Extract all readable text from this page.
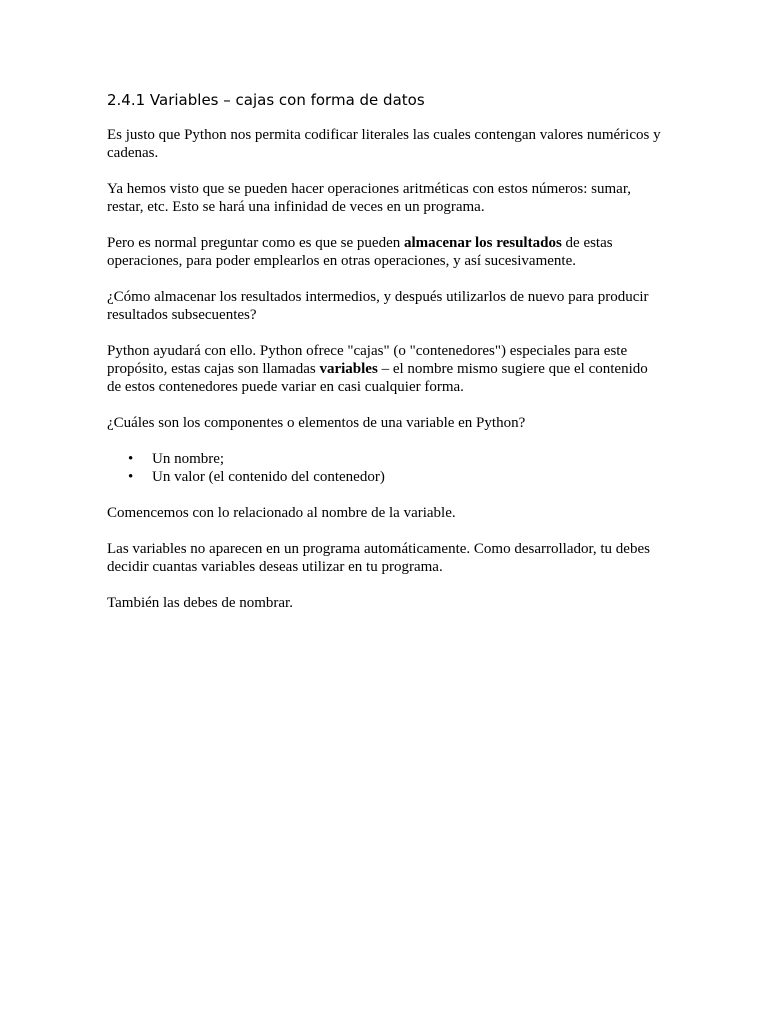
2.4.1 Variables – cajas con forma de datos

Es justo que Python nos permita codificar literales las cuales contengan valores numéricos y cadenas.

Ya hemos visto que se pueden hacer operaciones aritméticas con estos números: sumar, restar, etc. Esto se hará una infinidad de veces en un programa.

Pero es normal preguntar como es que se pueden almacenar los resultados de estas operaciones, para poder emplearlos en otras operaciones, y así sucesivamente.

¿Cómo almacenar los resultados intermedios, y después utilizarlos de nuevo para producir resultados subsecuentes?

Python ayudará con ello. Python ofrece "cajas" (o "contenedores") especiales para este propósito, estas cajas son llamadas variables – el nombre mismo sugiere que el contenido de estos contenedores puede variar en casi cualquier forma.

¿Cuáles son los componentes o elementos de una variable en Python?

• Un nombre;
• Un valor (el contenido del contenedor)

Comencemos con lo relacionado al nombre de la variable.

Las variables no aparecen en un programa automáticamente. Como desarrollador, tu debes decidir cuantas variables deseas utilizar en tu programa.

También las debes de nombrar.
